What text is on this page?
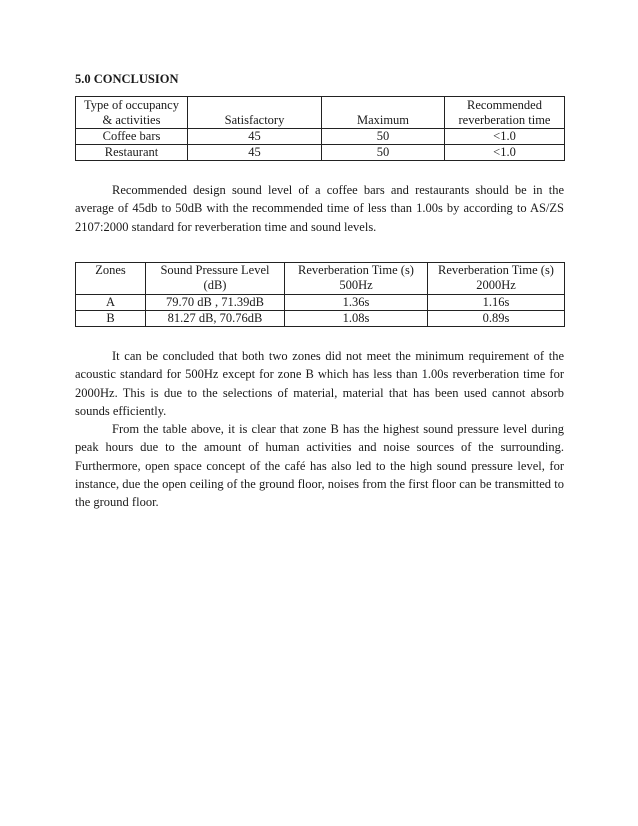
5.0 CONCLUSION
Type of occupancy & activities	Satisfactory	Maximum	Recommended reverberation time
Coffee bars	45	50	<1.0
Restaurant	45	50	<1.0

Recommended design sound level of a coffee bars and restaurants should be in the average of 45db to 50dB with the recommended time of less than 1.00s by according to AS/ZS 2107:2000 standard for reverberation time and sound levels.

Zones	Sound Pressure Level (dB)	Reverberation Time (s) 500Hz	Reverberation Time (s) 2000Hz
A	79.70 dB , 71.39dB	1.36s	1.16s
B	81.27 dB, 70.76dB	1.08s	0.89s

It can be concluded that both two zones did not meet the minimum requirement of the acoustic standard for 500Hz except for zone B which has less than 1.00s reverberation time for 2000Hz. This is due to the selections of material, material that has been used cannot absorb sounds efficiently.

From the table above, it is clear that zone B has the highest sound pressure level during peak hours due to the amount of human activities and noise sources of the surrounding. Furthermore, open space concept of the café has also led to the high sound pressure level, for instance, due the open ceiling of the ground floor, noises from the first floor can be transmitted to the ground floor.
